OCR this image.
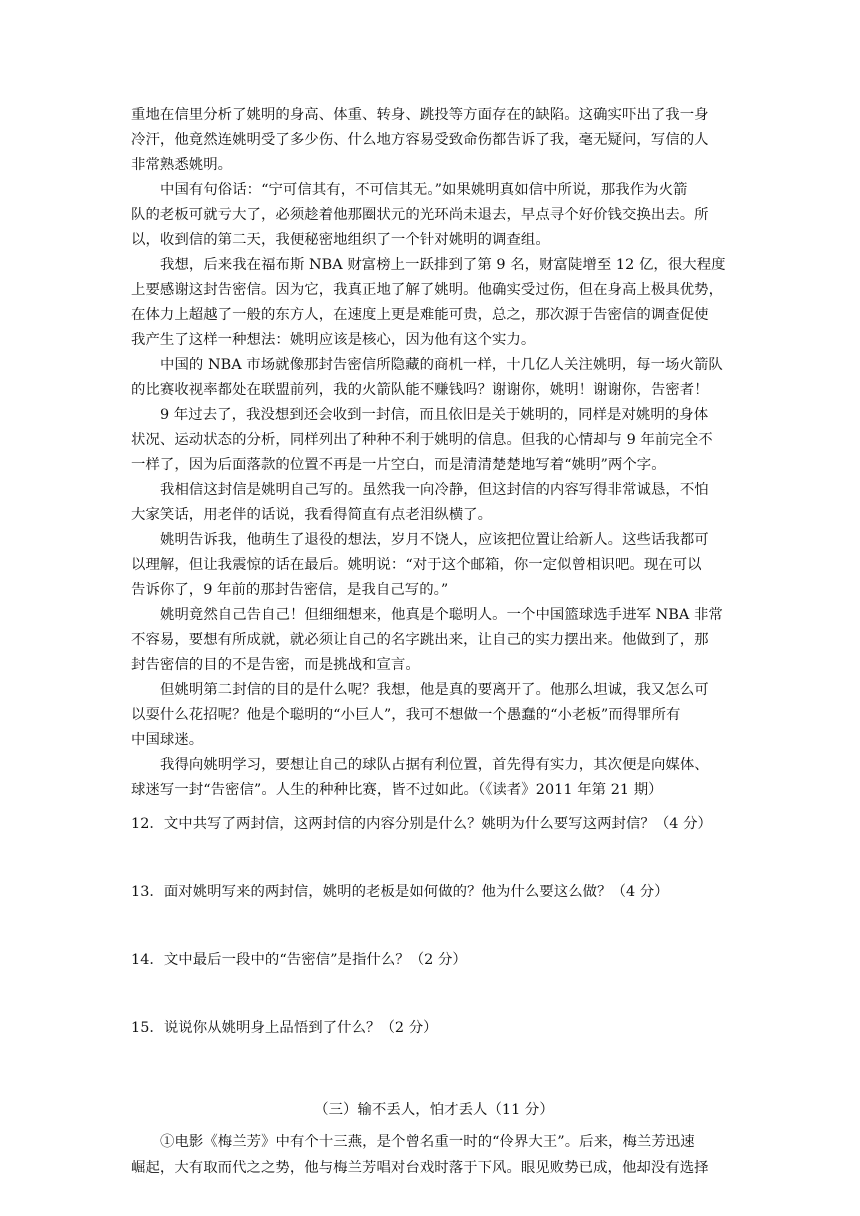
重地在信里分析了姚明的身高、体重、转身、跳投等方面存在的缺陷。这确实吓出了我一身
冷汗，他竟然连姚明受了多少伤、什么地方容易受致命伤都告诉了我，毫无疑问，写信的人
非常熟悉姚明。
中国有句俗话：“宁可信其有，不可信其无。”如果姚明真如信中所说，那我作为火箭
队的老板可就亏大了，必须趁着他那圈状元的光环尚未退去，早点寻个好价钱交换出去。所
以，收到信的第二天，我便秘密地组织了一个针对姚明的调查组。
我想，后来我在福布斯 NBA 财富榜上一跃排到了第 9 名，财富陡增至 12 亿，很大程度
上要感谢这封告密信。因为它，我真正地了解了姚明。他确实受过伤，但在身高上极具优势，
在体力上超越了一般的东方人，在速度上更是难能可贵，总之，那次源于告密信的调查促使
我产生了这样一种想法：姚明应该是核心，因为他有这个实力。
中国的 NBA 市场就像那封告密信所隐藏的商机一样，十几亿人关注姚明，每一场火箭队
的比赛收视率都处在联盟前列，我的火箭队能不赚钱吗？谢谢你，姚明！谢谢你，告密者！
9 年过去了，我没想到还会收到一封信，而且依旧是关于姚明的，同样是对姚明的身体
状况、运动状态的分析，同样列出了种种不利于姚明的信息。但我的心情却与 9 年前完全不
一样了，因为后面落款的位置不再是一片空白，而是清清楚楚地写着“姚明”两个字。
我相信这封信是姚明自己写的。虽然我一向冷静，但这封信的内容写得非常诚恳，不怕
大家笑话，用老伴的话说，我看得简直有点老泪纵横了。
姚明告诉我，他萌生了退役的想法，岁月不饶人，应该把位置让给新人。这些话我都可
以理解，但让我震惊的话在最后。姚明说：“对于这个邮箱，你一定似曾相识吧。现在可以
告诉你了，9 年前的那封告密信，是我自己写的。”
姚明竟然自己告自己！但细细想来，他真是个聪明人。一个中国篮球选手进军 NBA 非常
不容易，要想有所成就，就必须让自己的名字跳出来，让自己的实力摆出来。他做到了，那
封告密信的目的不是告密，而是挑战和宣言。
但姚明第二封信的目的是什么呢？我想，他是真的要离开了。他那么坦诚，我又怎么可
以耍什么花招呢？他是个聪明的“小巨人”，我可不想做一个愚蠢的“小老板”而得罪所有
中国球迷。
我得向姚明学习，要想让自己的球队占据有利位置，首先得有实力，其次便是向媒体、
球迷写一封“告密信”。人生的种种比赛，皆不过如此。（《读者》2011 年第 21 期）
12．文中共写了两封信，这两封信的内容分别是什么？姚明为什么要写这两封信？（4 分）
13．面对姚明写来的两封信，姚明的老板是如何做的？他为什么要这么做？（4 分）
14．文中最后一段中的“告密信”是指什么？（2 分）
15．说说你从姚明身上品悟到了什么？（2 分）
（三）输不丢人，怕才丢人（11 分）
①电影《梅兰芳》中有个十三燕，是个曾名重一时的“伶界大王”。后来，梅兰芳迅速
崛起，大有取而代之之势，他与梅兰芳唱对台戏时落于下风。眼见败势已成，他却没有选择
